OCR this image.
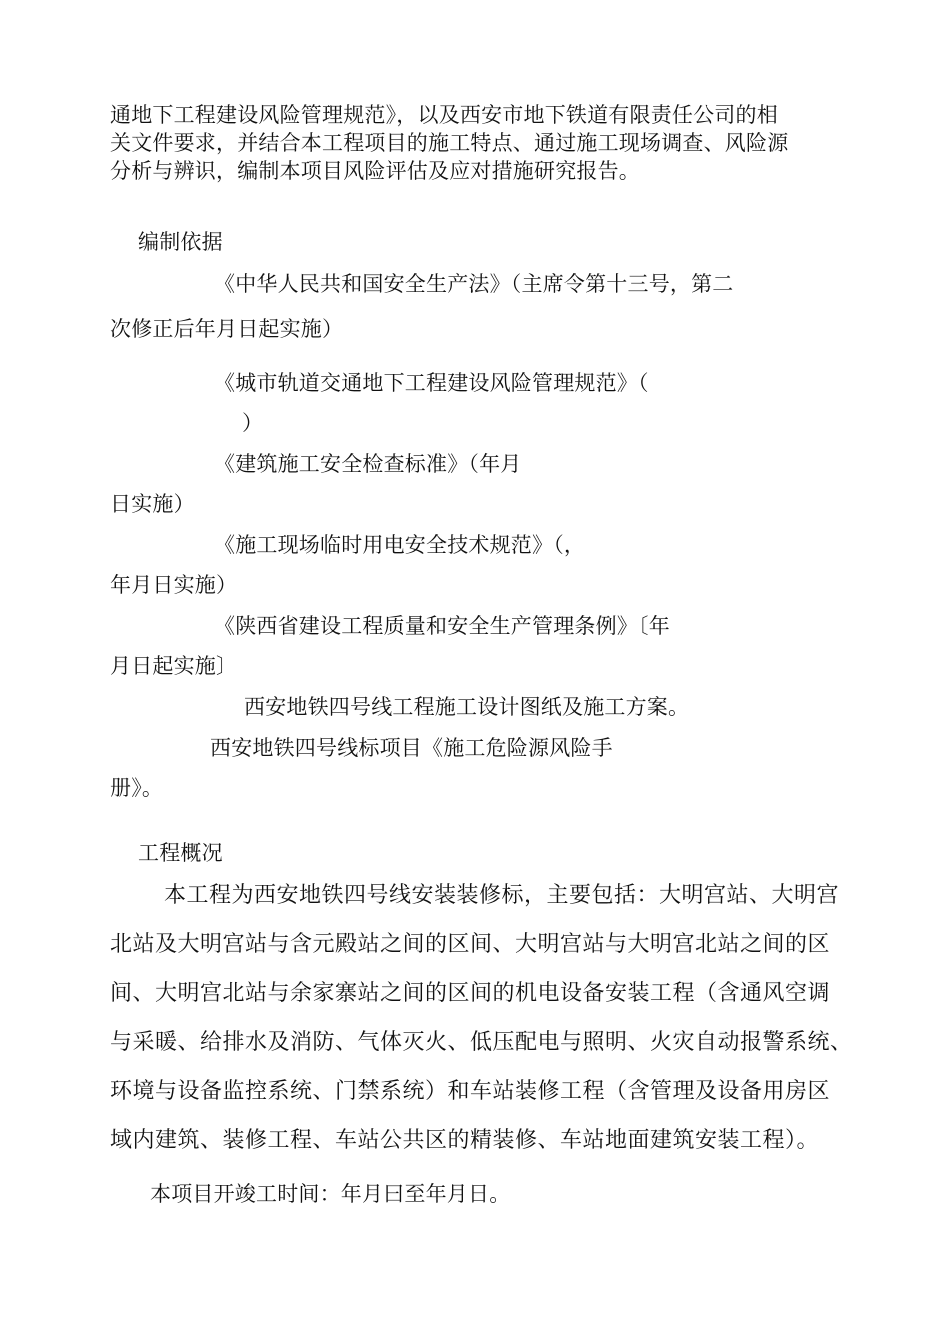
通地下工程建设风险管理规范》，以及西安市地下铁道有限责任公司的相
关文件要求，并结合本工程项目的施工特点、通过施工现场调查、风险源
分析与辨识，编制本项目风险评估及应对措施研究报告。
编制依据
《中华人民共和国安全生产法》（主席令第十三号，第二
次修正后年月日起实施）
《城市轨道交通地下工程建设风险管理规范》（
）
《建筑施工安全检查标准》（年月
日实施）
《施工现场临时用电安全技术规范》（，
年月日实施）
《陕西省建设工程质量和安全生产管理条例》〔年
月日起实施〕
西安地铁四号线工程施工设计图纸及施工方案。
西安地铁四号线标项目《施工危险源风险手
册》。
工程概况
本工程为西安地铁四号线安装装修标，主要包括：大明宫站、大明宫
北站及大明宫站与含元殿站之间的区间、大明宫站与大明宫北站之间的区
间、大明宫北站与余家寨站之间的区间的机电设备安装工程（含通风空调
与采暖、给排水及消防、气体灭火、低压配电与照明、火灾自动报警系统、
环境与设备监控系统、门禁系统）和车站装修工程（含管理及设备用房区
域内建筑、装修工程、车站公共区的精装修、车站地面建筑安装工程）。
本项目开竣工时间：年月曰至年月日。
